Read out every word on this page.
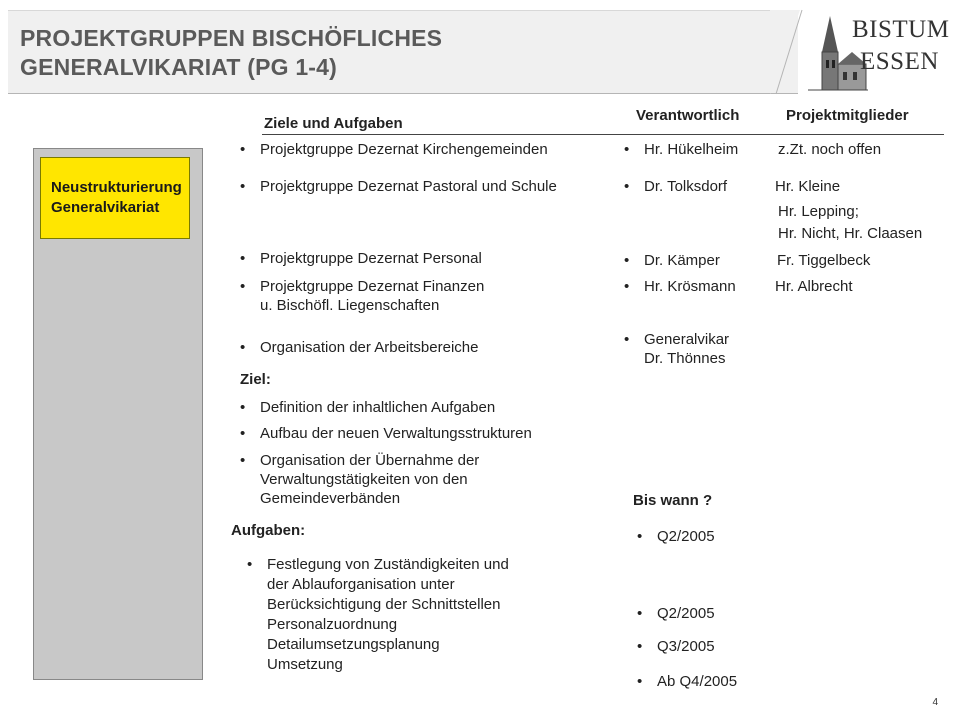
PROJEKTGRUPPEN BISCHÖFLICHES
GENERALVIKARIAT (PG 1-4)
BISTUM
ESSEN
Neustrukturierung
Generalvikariat
Ziele und Aufgaben	Verantwortlich	Projektmitglieder
• Projektgruppe Dezernat Kirchengemeinden
• Projektgruppe Dezernat Pastoral und Schule
• Projektgruppe Dezernat Personal
• Projektgruppe Dezernat Finanzen
u. Bischöfl. Liegenschaften
• Organisation der Arbeitsbereiche
• Hr. Hükelheim
• Dr. Tolksdorf
• Dr. Kämper
• Hr. Krösmann
• Generalvikar
Dr. Thönnes
z.Zt. noch offen
Hr. Kleine
Hr. Lepping;
Hr. Nicht, Hr. Claasen
Fr. Tiggelbeck
Hr. Albrecht
Ziel:
• Definition der inhaltlichen Aufgaben
• Aufbau der neuen Verwaltungsstrukturen
• Organisation der Übernahme der
Verwaltungstätigkeiten von den
Gemeindeverbänden
Aufgaben:
• Festlegung von Zuständigkeiten und
der Ablauforganisation unter
Berücksichtigung der Schnittstellen
Personalzuordnung
Detailumsetzungsplanung
Umsetzung
Bis wann ?
• Q2/2005
• Q2/2005
• Q3/2005
• Ab Q4/2005
4
